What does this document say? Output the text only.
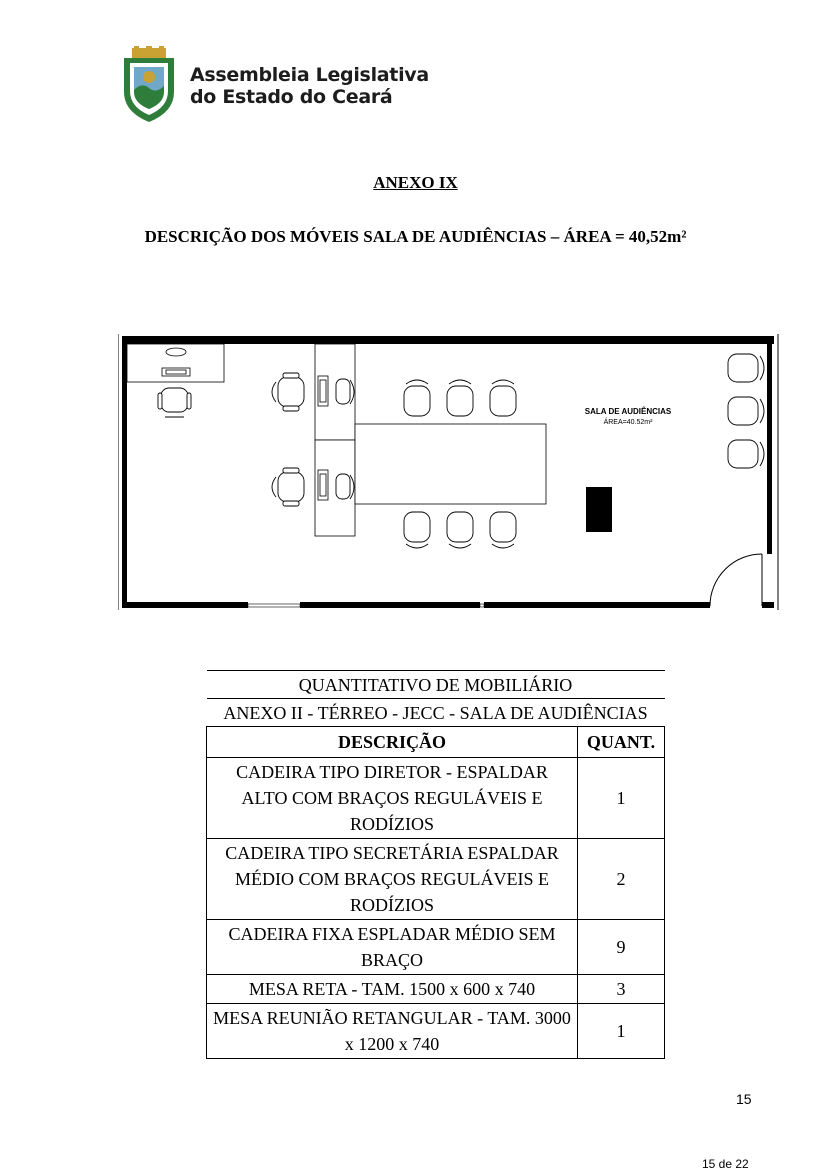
Assembleia Legislativa
do Estado do Ceará
ANEXO IX
DESCRIÇÃO DOS MÓVEIS SALA DE AUDIÊNCIAS – ÁREA = 40,52m²
SALA DE AUDIÊNCIAS
ÁREA=40.52m²
QUANTITATIVO DE MOBILIÁRIO	
ANEXO II - TÉRREO - JECC - SALA DE AUDIÊNCIAS	
DESCRIÇÃO	QUANT.
CADEIRA TIPO DIRETOR - ESPALDAR ALTO COM BRAÇOS REGULÁVEIS E RODÍZIOS	1
CADEIRA TIPO SECRETÁRIA ESPALDAR MÉDIO COM BRAÇOS REGULÁVEIS E RODÍZIOS	2
CADEIRA FIXA ESPLADAR MÉDIO SEM BRAÇO	9
MESA RETA - TAM. 1500 x 600 x 740	3
MESA REUNIÃO RETANGULAR - TAM. 3000 x 1200 x 740	1
15
15 de 22
